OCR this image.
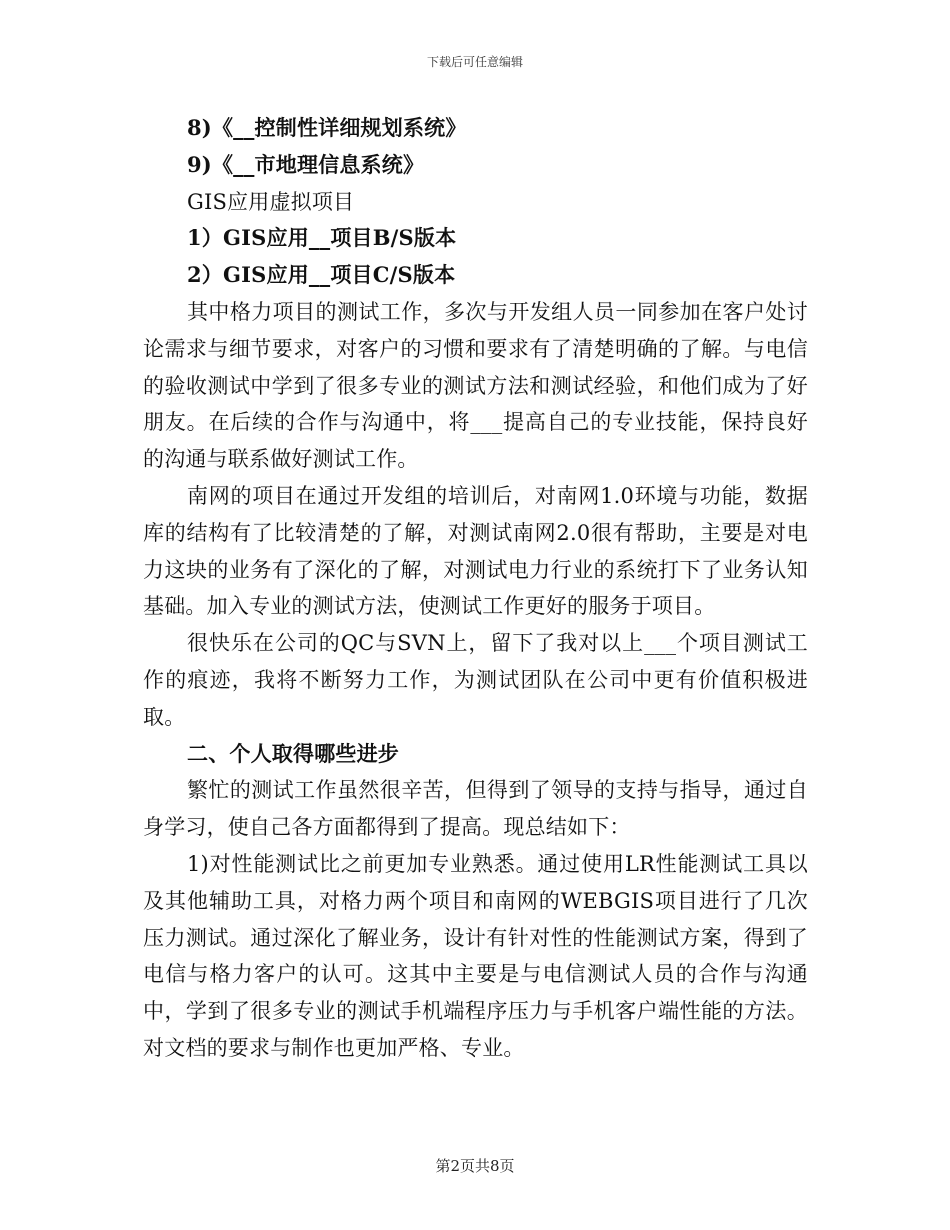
下载后可任意编辑
8)《__控制性详细规划系统》
9)《__市地理信息系统》
GIS应用虚拟项目
1）GIS应用__项目B/S版本
2）GIS应用__项目C/S版本

其中格力项目的测试工作，多次与开发组人员一同参加在客户处讨论需求与细节要求，对客户的习惯和要求有了清楚明确的了解。与电信的验收测试中学到了很多专业的测试方法和测试经验，和他们成为了好朋友。在后续的合作与沟通中，将___提高自己的专业技能，保持良好的沟通与联系做好测试工作。

南网的项目在通过开发组的培训后，对南网1.0环境与功能，数据库的结构有了比较清楚的了解，对测试南网2.0很有帮助，主要是对电力这块的业务有了深化的了解，对测试电力行业的系统打下了业务认知基础。加入专业的测试方法，使测试工作更好的服务于项目。

很快乐在公司的QC与SVN上，留下了我对以上___个项目测试工作的痕迹，我将不断努力工作，为测试团队在公司中更有价值积极进取。

二、个人取得哪些进步

繁忙的测试工作虽然很辛苦，但得到了领导的支持与指导，通过自身学习，使自己各方面都得到了提高。现总结如下：

1)对性能测试比之前更加专业熟悉。通过使用LR性能测试工具以及其他辅助工具，对格力两个项目和南网的WEBGIS项目进行了几次压力测试。通过深化了解业务，设计有针对性的性能测试方案，得到了电信与格力客户的认可。这其中主要是与电信测试人员的合作与沟通中，学到了很多专业的测试手机端程序压力与手机客户端性能的方法。对文档的要求与制作也更加严格、专业。

第2页共8页
